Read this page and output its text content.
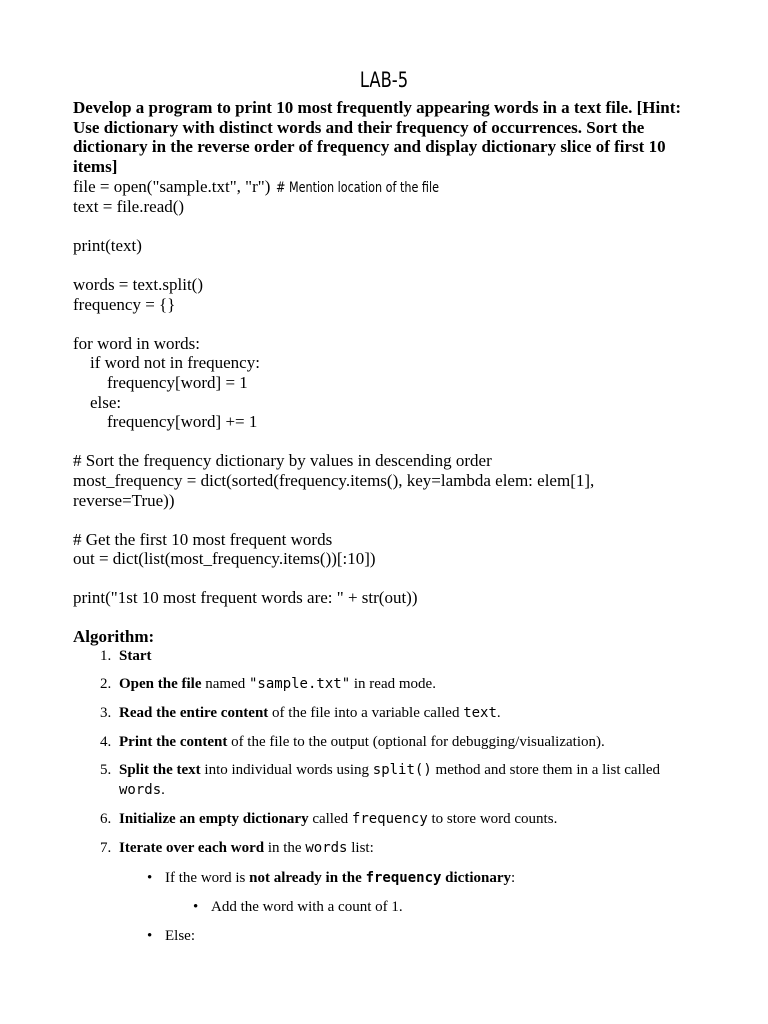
LAB-5
Develop a program to print 10 most frequently appearing words in a text file. [Hint: Use dictionary with distinct words and their frequency of occurrences. Sort the dictionary in the reverse order of frequency and display dictionary slice of first 10 items]
file = open("sample.txt", "r") # Mention location of the file
text = file.read()
print(text)
words = text.split()
frequency = {}
for word in words:
if word not in frequency:
frequency[word] = 1
else:
frequency[word] += 1
# Sort the frequency dictionary by values in descending order
most_frequency = dict(sorted(frequency.items(), key=lambda elem: elem[1],
reverse=True))
# Get the first 10 most frequent words
out = dict(list(most_frequency.items())[:10])
print("1st 10 most frequent words are: " + str(out))
Algorithm:
1. Start
2. Open the file named "sample.txt" in read mode.
3. Read the entire content of the file into a variable called text.
4. Print the content of the file to the output (optional for debugging/visualization).
5. Split the text into individual words using split() method and store them in a list called words.
6. Initialize an empty dictionary called frequency to store word counts.
7. Iterate over each word in the words list:
• If the word is not already in the frequency dictionary:
• Add the word with a count of 1.
• Else:
